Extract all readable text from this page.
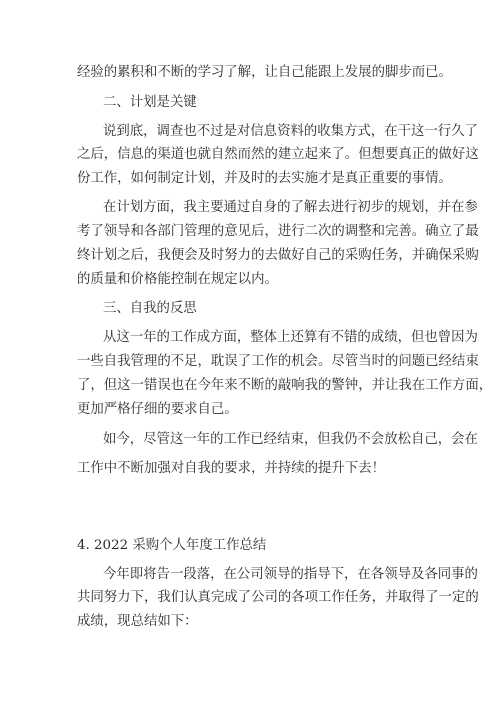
经验的累积和不断的学习了解，让自己能跟上发展的脚步而已。
二、计划是关键
说到底，调查也不过是对信息资料的收集方式，在干这一行久了
之后，信息的渠道也就自然而然的建立起来了。但想要真正的做好这
份工作，如何制定计划，并及时的去实施才是真正重要的事情。
在计划方面，我主要通过自身的了解去进行初步的规划，并在参
考了领导和各部门管理的意见后，进行二次的调整和完善。确立了最
终计划之后，我便会及时努力的去做好自己的采购任务，并确保采购
的质量和价格能控制在规定以内。
三、自我的反思
从这一年的工作成方面，整体上还算有不错的成绩，但也曾因为
一些自我管理的不足，耽误了工作的机会。尽管当时的问题已经结束
了，但这一错误也在今年来不断的敲响我的警钟，并让我在工作方面，
更加严格仔细的要求自己。
如今，尽管这一年的工作已经结束，但我仍不会放松自己，会在
工作中不断加强对自我的要求，并持续的提升下去！
4. 2022 采购个人年度工作总结
今年即将告一段落，在公司领导的指导下，在各领导及各同事的
共同努力下，我们认真完成了公司的各项工作任务，并取得了一定的
成绩，现总结如下：
